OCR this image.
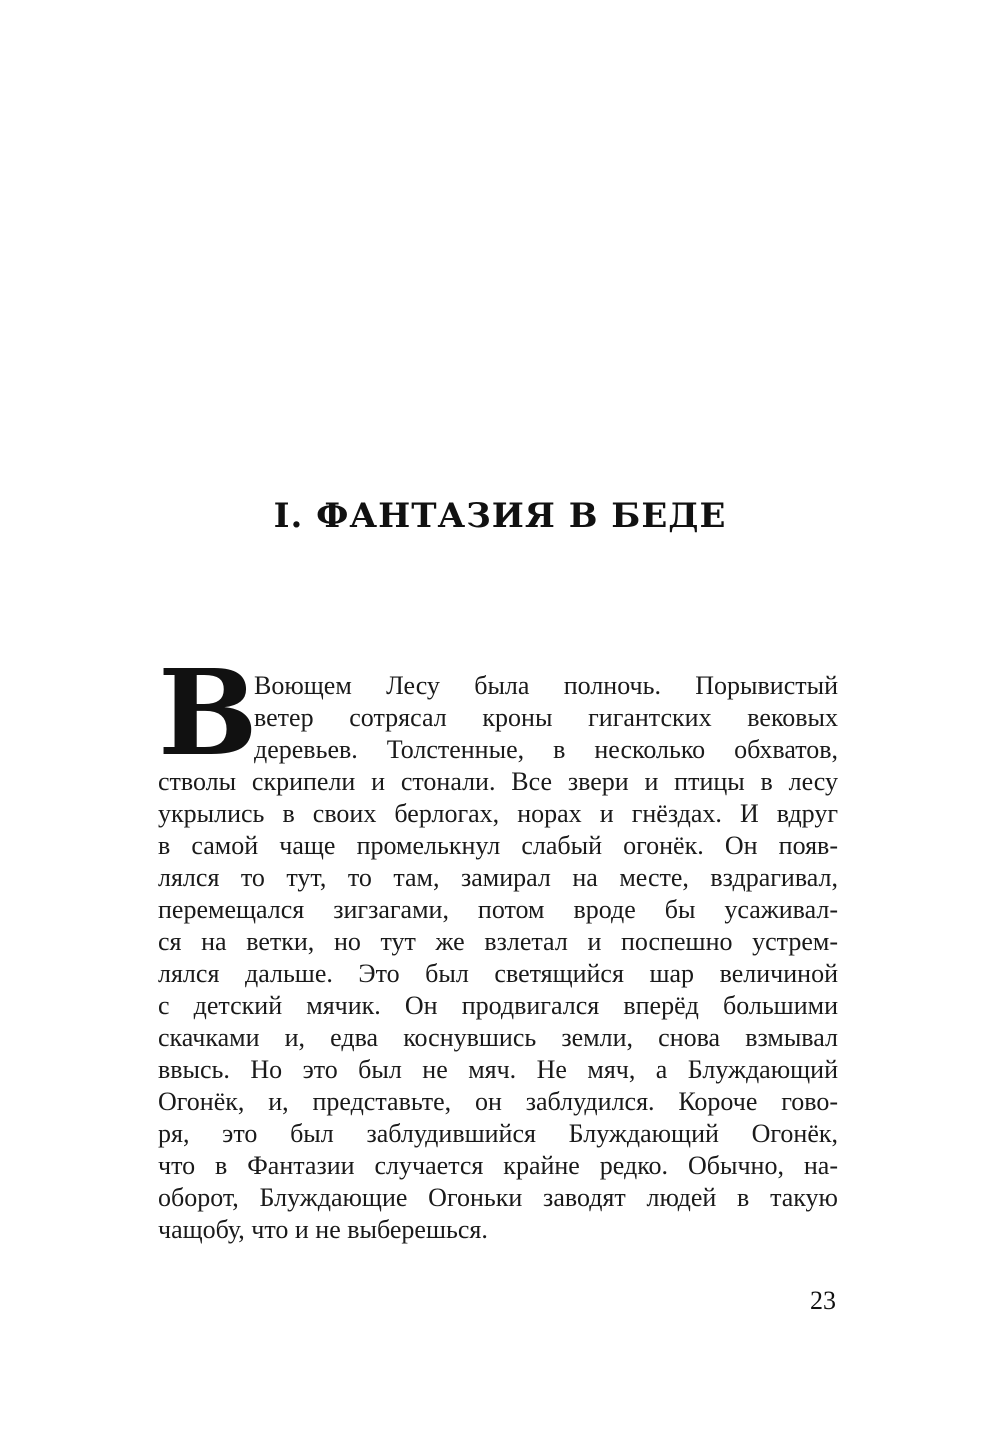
I. ФАНТАЗИЯ В БЕДЕ
В
Воющем Лесу была полночь. Порывистый
ветер сотрясал кроны гигантских вековых
деревьев. Толстенные, в несколько обхватов,
стволы скрипели и стонали. Все звери и птицы в лесу
укрылись в своих берлогах, норах и гнёздах. И вдруг
в самой чаще промелькнул слабый огонёк. Он появ-
лялся то тут, то там, замирал на месте, вздрагивал,
перемещался зигзагами, потом вроде бы усаживал-
ся на ветки, но тут же взлетал и поспешно устрем-
лялся дальше. Это был светящийся шар величиной
с детский мячик. Он продвигался вперёд большими
скачками и, едва коснувшись земли, снова взмывал
ввысь. Но это был не мяч. Не мяч, а Блуждающий
Огонёк, и, представьте, он заблудился. Короче гово-
ря, это был заблудившийся Блуждающий Огонёк,
что в Фантазии случается крайне редко. Обычно, на-
оборот, Блуждающие Огоньки заводят людей в такую
чащобу, что и не выберешься.
23
